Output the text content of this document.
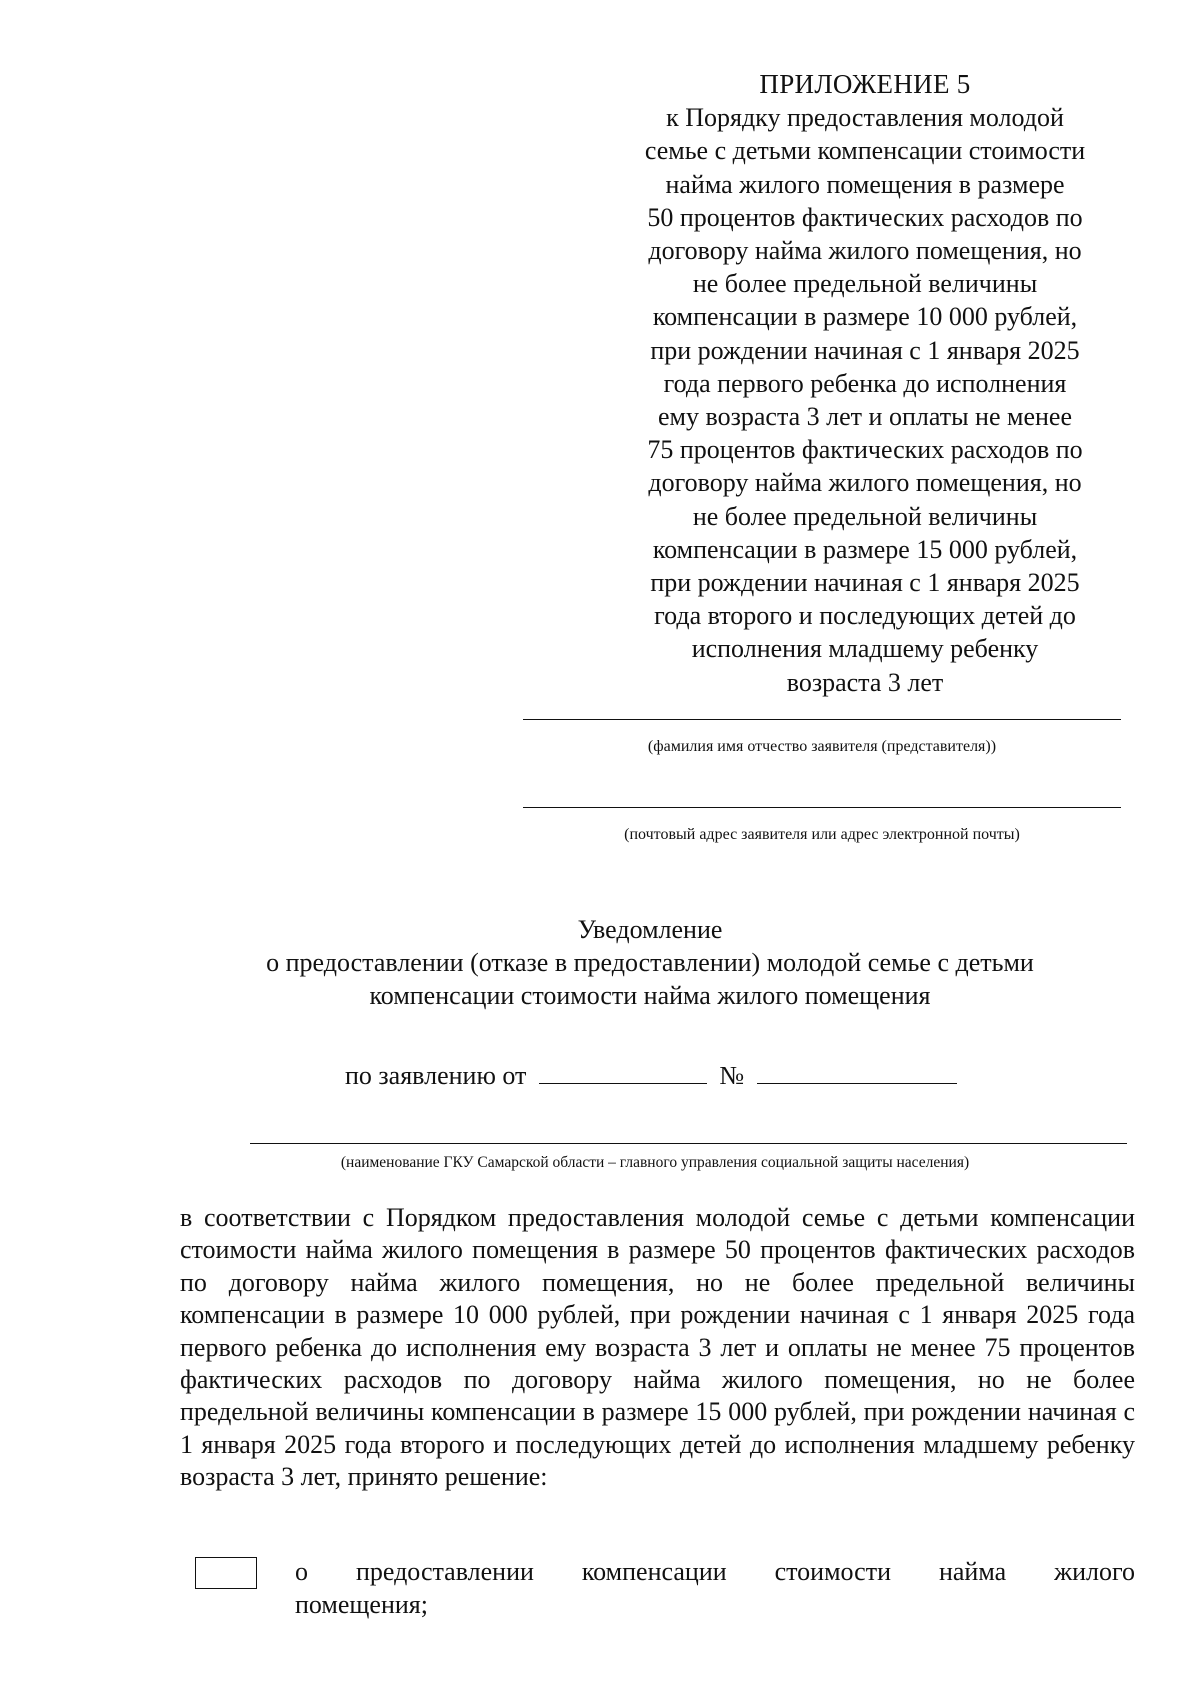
ПРИЛОЖЕНИЕ 5
к Порядку предоставления молодой
семье с детьми компенсации стоимости
найма жилого помещения в размере
50 процентов фактических расходов по
договору найма жилого помещения, но
не более предельной величины
компенсации в размере 10 000 рублей,
при рождении начиная с 1 января 2025
года первого ребенка до исполнения
ему возраста 3 лет и оплаты не менее
75 процентов фактических расходов по
договору найма жилого помещения, но
не более предельной величины
компенсации в размере 15 000 рублей,
при рождении начиная с 1 января 2025
года второго и последующих детей до
исполнения младшему ребенку
возраста 3 лет
(фамилия имя отчество заявителя (представителя))
(почтовый адрес заявителя или адрес электронной почты)
Уведомление
о предоставлении (отказе в предоставлении) молодой семье с детьми
компенсации стоимости найма жилого помещения
по заявлению от	№
(наименование ГКУ Самарской области – главного управления социальной защиты населения)
в соответствии с Порядком предоставления молодой семье с детьми компенсации стоимости найма жилого помещения в размере 50 процентов фактических расходов по договору найма жилого помещения, но не более предельной величины компенсации в размере 10 000 рублей, при рождении начиная с 1 января 2025 года первого ребенка до исполнения ему возраста 3 лет и оплаты не менее 75 процентов фактических расходов по договору найма жилого помещения, но не более предельной величины компенсации в размере 15 000 рублей, при рождении начиная с 1 января 2025 года второго и последующих детей до исполнения младшему ребенку возраста 3 лет, принято решение:
о предоставлении компенсации стоимости найма жилого
помещения;
